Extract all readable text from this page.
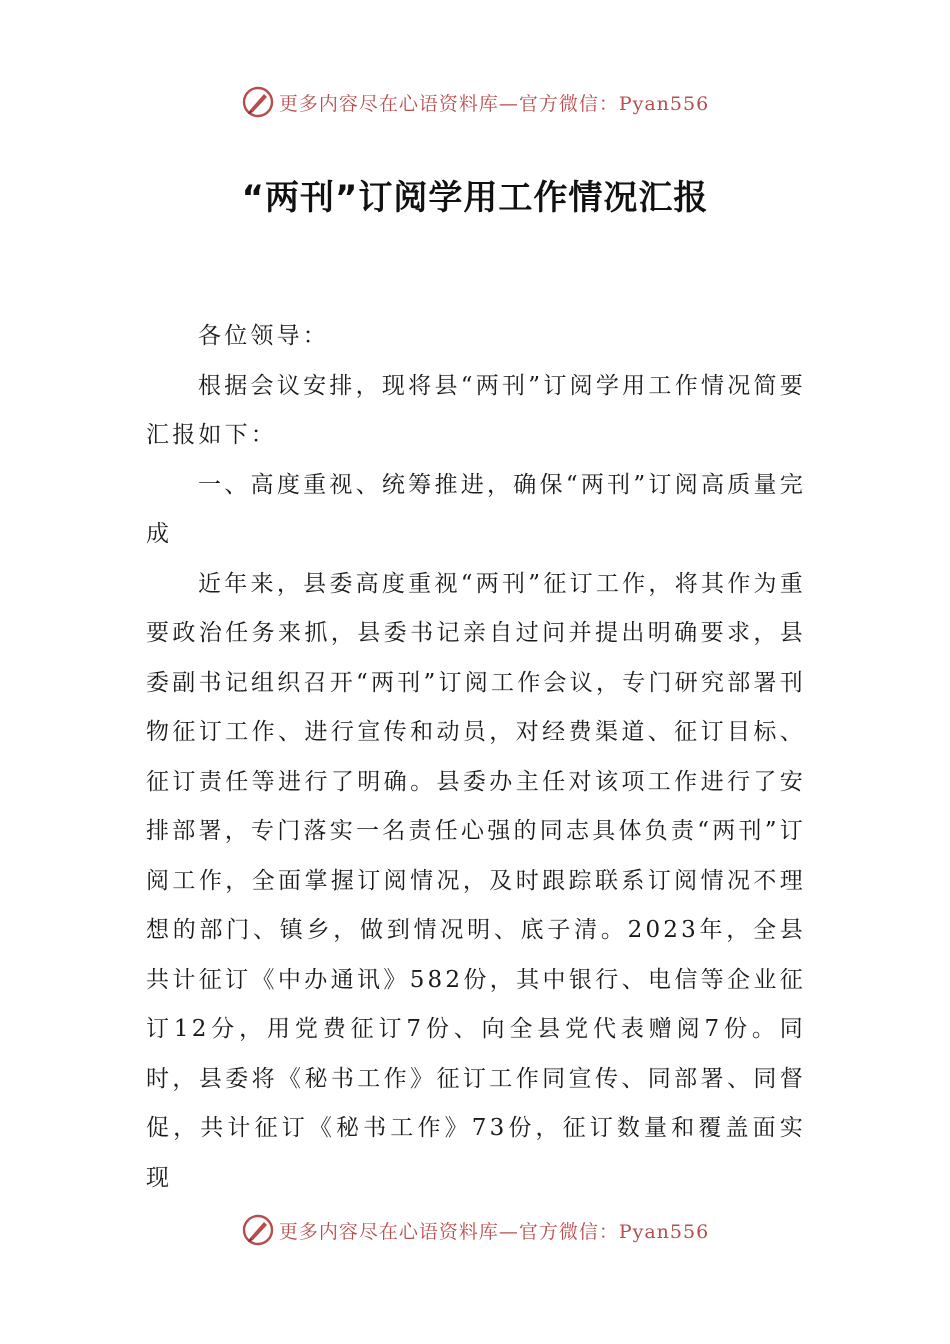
更多内容尽在心语资料库—官方微信：Pyan556
“两刊”订阅学用工作情况汇报

各位领导：

根据会议安排，现将县“两刊”订阅学用工作情况简要汇报如下：

一、高度重视、统筹推进，确保“两刊”订阅高质量完成

近年来，县委高度重视“两刊”征订工作，将其作为重要政治任务来抓，县委书记亲自过问并提出明确要求，县委副书记组织召开“两刊”订阅工作会议，专门研究部署刊物征订工作、进行宣传和动员，对经费渠道、征订目标、征订责任等进行了明确。县委办主任对该项工作进行了安排部署，专门落实一名责任心强的同志具体负责“两刊”订阅工作，全面掌握订阅情况，及时跟踪联系订阅情况不理想的部门、镇乡，做到情况明、底子清。2023年，全县共计征订《中办通讯》582份，其中银行、电信等企业征订12分，用党费征订7份、向全县党代表赠阅7份。同时，县委将《秘书工作》征订工作同宣传、同部署、同督促，共计征订《秘书工作》73份，征订数量和覆盖面实现

更多内容尽在心语资料库—官方微信：Pyan556
